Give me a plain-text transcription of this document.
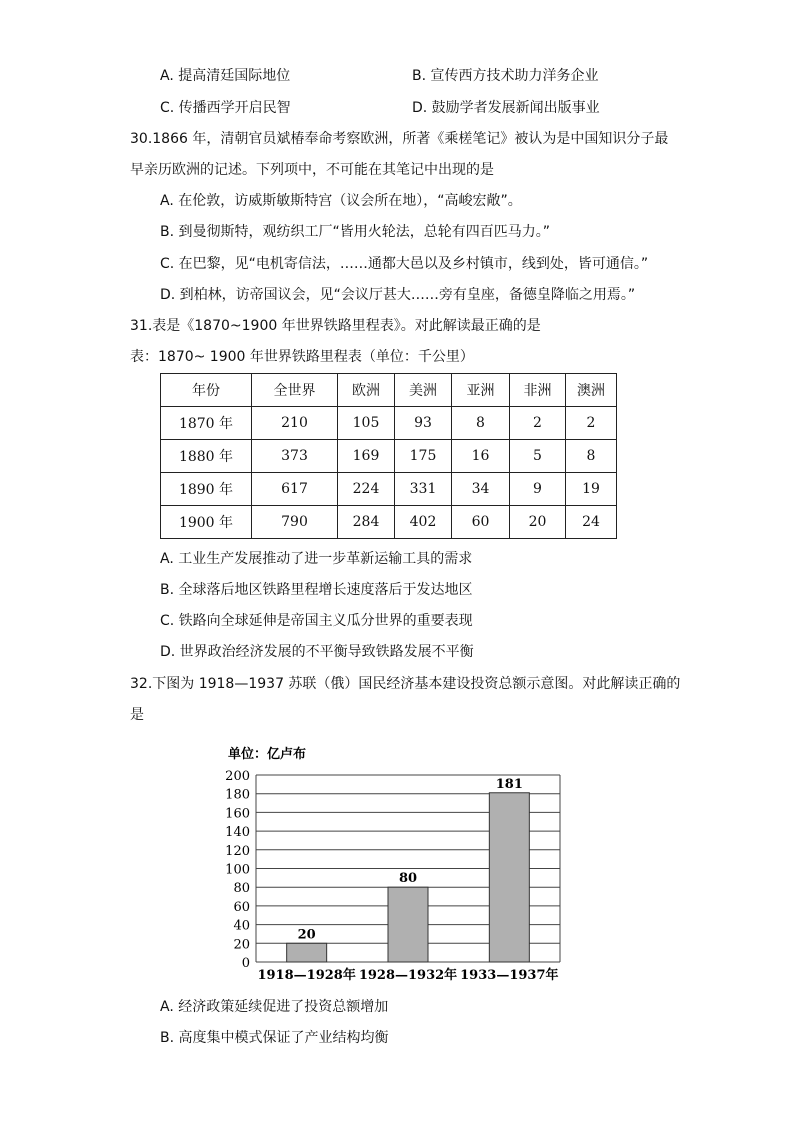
A. 提高清廷国际地位	B. 宣传西方技术助力洋务企业
C. 传播西学开启民智	D. 鼓励学者发展新闻出版事业
30.1866 年，清朝官员斌椿奉命考察欧洲，所著《乘槎笔记》被认为是中国知识分子最
早亲历欧洲的记述。下列项中，不可能在其笔记中出现的是
A. 在伦敦，访威斯敏斯特宫（议会所在地），“高峻宏敞”。
B. 到曼彻斯特，观纺织工厂“皆用火轮法，总轮有四百匹马力。”
C. 在巴黎，见“电机寄信法，……通都大邑以及乡村镇市，线到处，皆可通信。”
D. 到柏林，访帝国议会，见“会议厅甚大……旁有皇座，备德皇降临之用焉。”
31.表是《1870~1900 年世界铁路里程表》。对此解读最正确的是
表：1870~ 1900 年世界铁路里程表（单位：千公里）
年份	全世界	欧洲	美洲	亚洲	非洲	澳洲
1870 年	210	105	93	8	2	2
1880 年	373	169	175	16	5	8
1890 年	617	224	331	34	9	19
1900 年	790	284	402	60	20	24
A. 工业生产发展推动了进一步革新运输工具的需求
B. 全球落后地区铁路里程增长速度落后于发达地区
C. 铁路向全球延伸是帝国主义瓜分世界的重要表现
D. 世界政治经济发展的不平衡导致铁路发展不平衡
32.下图为 1918—1937 苏联（俄）国民经济基本建设投资总额示意图。对此解读正确的
是
单位：亿卢布
0
20
40
60
80
100
120
140
160
180
200
20
80
181
1918—1928年 1928—1932年 1933—1937年
A. 经济政策延续促进了投资总额增加
B. 高度集中模式保证了产业结构均衡
